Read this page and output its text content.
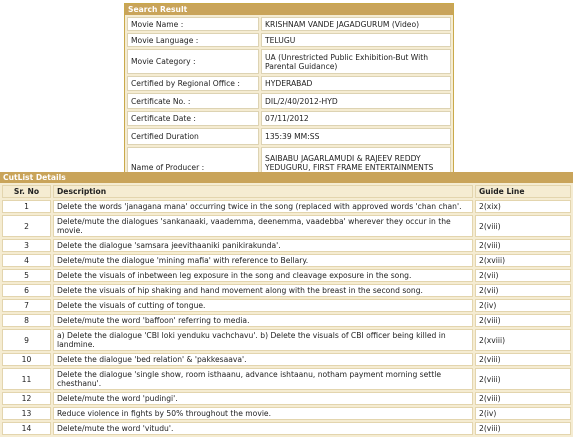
Search Result
Movie Name :	KRISHNAM VANDE JAGADGURUM (Video)
Movie Language :	TELUGU
Movie Category :	UA (Unrestricted Public Exhibition-But With Parental Guidance)
Certified by Regional Office :	HYDERABAD
Certificate No. :	DIL/2/40/2012-HYD
Certificate Date :	07/11/2012
Certified Duration	135:39 MM:SS
Name of Producer :	SAIBABU JAGARLAMUDI & RAJEEV REDDY YEDUGURU, FIRST FRAME ENTERTAINMENTS
CutList Details
Sr. No	Description	Guide Line
1	Delete the words 'janagana mana' occurring twice in the song (replaced with approved words 'chan chan'.	2(xix)
2	Delete/mute the dialogues 'sankanaaki, vaademma, deenemma, vaadebba' wherever they occur in the movie.	2(viii)
3	Delete the dialogue 'samsara jeevithaaniki panikirakunda'.	2(viii)
4	Delete/mute the dialogue 'mining mafia' with reference to Bellary.	2(xviii)
5	Delete the visuals of inbetween leg exposure in the song and cleavage exposure in the song.	2(vii)
6	Delete the visuals of hip shaking and hand movement along with the breast in the second song.	2(vii)
7	Delete the visuals of cutting of tongue.	2(iv)
8	Delete/mute the word 'baffoon' referring to media.	2(viii)
9	a) Delete the dialogue 'CBI loki yenduku vachchavu'. b) Delete the visuals of CBI officer being killed in landmine.	2(xviii)
10	Delete the dialogue 'bed relation' & 'pakkesaava'.	2(viii)
11	Delete the dialogue 'single show, room isthaanu, advance ishtaanu, notham payment morning settle chesthanu'.	2(viii)
12	Delete/mute the word 'pudingi'.	2(viii)
13	Reduce violence in fights by 50% throughout the movie.	2(iv)
14	Delete/mute the word 'vitudu'.	2(viii)
